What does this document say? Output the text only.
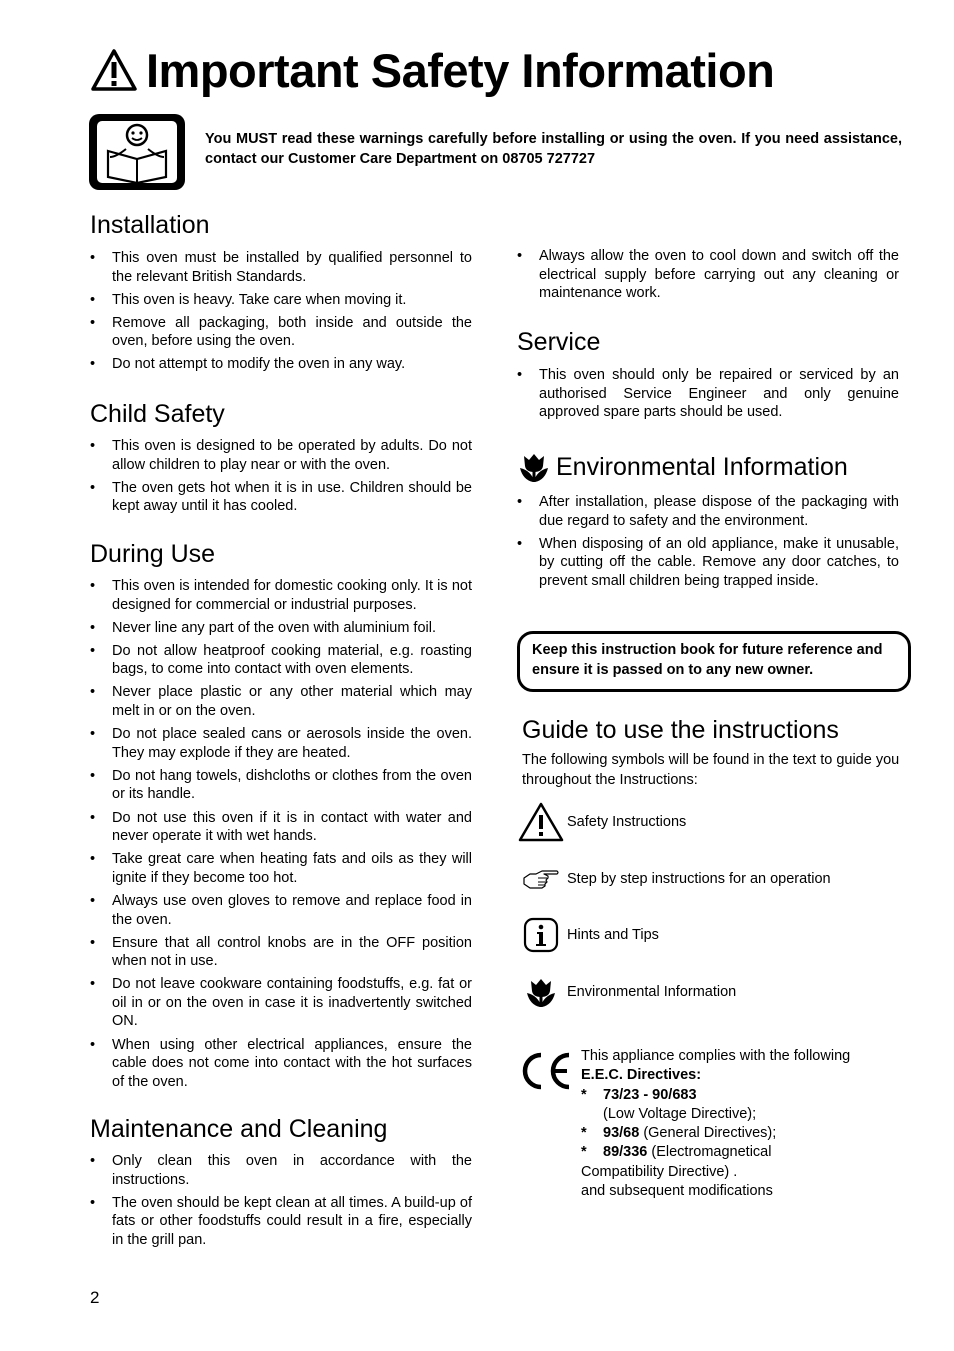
Important Safety Information
You MUST read these warnings carefully before installing or using the oven. If you need assistance, contact our Customer Care Department on 08705 727727
Installation
• This oven must be installed by qualified personnel to the relevant British Standards.
• This oven is heavy. Take care when moving it.
• Remove all packaging, both inside and outside the oven, before using the oven.
• Do not attempt to modify the oven in any way.
Child Safety
• This oven is designed to be operated by adults. Do not allow children to play near or with the oven.
• The oven gets hot when it is in use. Children should be kept away until it has cooled.
During Use
• This oven is intended for domestic cooking only. It is not designed for commercial or industrial purposes.
• Never line any part of the oven with aluminium foil.
• Do not allow heatproof cooking material, e.g. roasting bags, to come into contact with oven elements.
• Never place plastic or any other material which may melt in or on the oven.
• Do not place sealed cans or aerosols inside the oven. They may explode if they are heated.
• Do not hang towels, dishcloths or clothes from the oven or its handle.
• Do not use this oven if it is in contact with water and never operate it with wet hands.
• Take great care when heating fats and oils as they will ignite if they become too hot.
• Always use oven gloves to remove and replace food in the oven.
• Ensure that all control knobs are in the OFF position when not in use.
• Do not leave cookware containing foodstuffs, e.g. fat or oil in or on the oven in case it is inadvertently switched ON.
• When using other electrical appliances, ensure the cable does not come into contact with the hot surfaces of the oven.
Maintenance and Cleaning
• Only clean this oven in accordance with the instructions.
• The oven should be kept clean at all times. A build-up of fats or other foodstuffs could result in a fire, especially in the grill pan.
• Always allow the oven to cool down and switch off the electrical supply before carrying out any cleaning or maintenance work.
Service
• This oven should only be repaired or serviced by an authorised Service Engineer and only genuine approved spare parts should be used.
Environmental Information
• After installation, please dispose of the packaging with due regard to safety and the environment.
• When disposing of an old appliance, make it unusable, by cutting off the cable. Remove any door catches, to prevent small children being trapped inside.
Keep this instruction book for future reference and ensure it is passed on to any new owner.
Guide to use the instructions
The following symbols will be found in the text to guide you throughout the Instructions:
Safety Instructions
Step by step instructions for an operation
Hints and Tips
Environmental Information
This appliance complies with the following
E.E.C. Directives:
*	73/23 - 90/683
(Low Voltage Directive);
*	93/68 (General Directives);
*	89/336 (Electromagnetical
Compatibility Directive) .
and subsequent modifications
2
